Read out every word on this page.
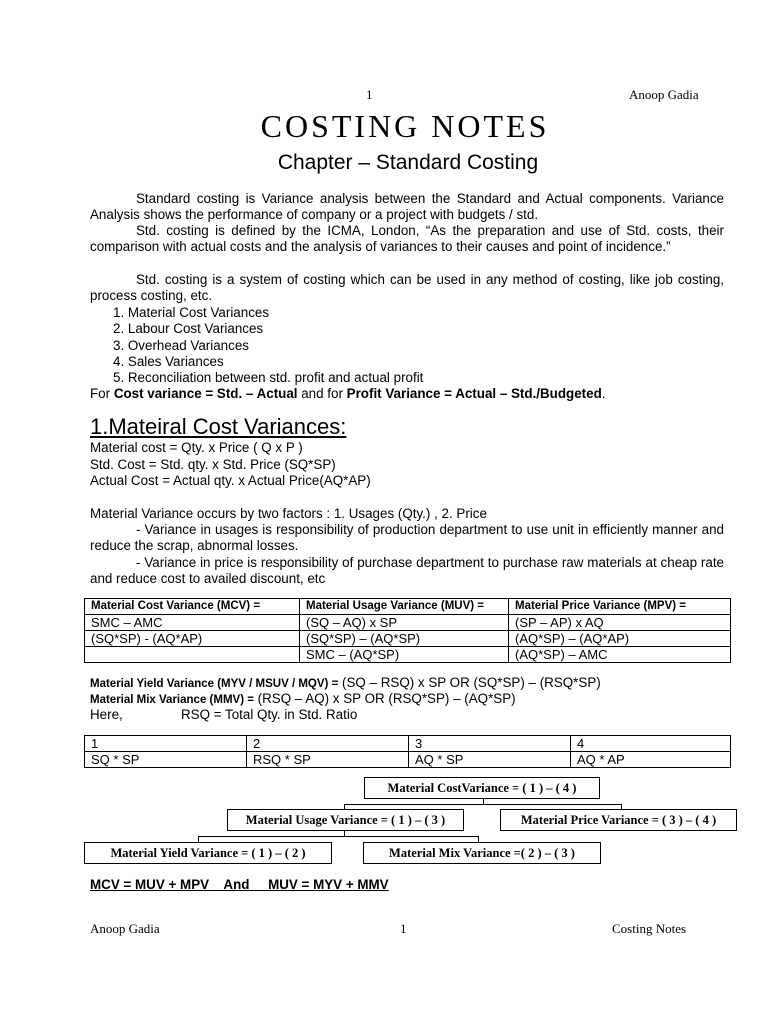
1	Anoop Gadia
COSTING NOTES
Chapter – Standard Costing
Standard costing is Variance analysis between the Standard and Actual components. Variance Analysis shows the performance of company or a project with budgets / std.
Std. costing is defined by the ICMA, London, “As the preparation and use of Std. costs, their comparison with actual costs and the analysis of variances to their causes and point of incidence.”
Std. costing is a system of costing which can be used in any method of costing, like job costing, process costing, etc.
1. Material Cost Variances
2. Labour Cost Variances
3. Overhead Variances
4. Sales Variances
5. Reconciliation between std. profit and actual profit
For Cost variance = Std. – Actual and for Profit Variance = Actual – Std./Budgeted.
1.Mateiral Cost Variances:
Material cost = Qty. x Price ( Q x P )
Std. Cost = Std. qty. x Std. Price (SQ*SP)
Actual Cost = Actual qty. x Actual Price(AQ*AP)
Material Variance occurs by two factors : 1. Usages (Qty.) , 2. Price
- Variance in usages is responsibility of production department to use unit in efficiently manner and reduce the scrap, abnormal losses.
- Variance in price is responsibility of purchase department to purchase raw materials at cheap rate and reduce cost to availed discount, etc
Material Cost Variance (MCV) =	Material Usage Variance (MUV) =	Material Price Variance (MPV) =
SMC – AMC	(SQ – AQ) x SP	(SP – AP) x AQ
(SQ*SP) - (AQ*AP)	(SQ*SP) – (AQ*SP)	(AQ*SP) – (AQ*AP)
	SMC – (AQ*SP)	(AQ*SP) – AMC
Material Yield Variance (MYV / MSUV / MQV) = (SQ – RSQ) x SP OR (SQ*SP) – (RSQ*SP)
Material Mix Variance (MMV) = (RSQ – AQ) x SP OR (RSQ*SP) – (AQ*SP)
Here,	RSQ = Total Qty. in Std. Ratio
1	2	3	4
SQ * SP	RSQ * SP	AQ * SP	AQ * AP
Material CostVariance = ( 1 ) – ( 4 )
Material Usage Variance = ( 1 ) – ( 3 )	Material Price Variance = ( 3 ) – ( 4 )
Material Yield Variance = ( 1 ) – ( 2 )	Material Mix Variance =( 2 ) – ( 3 )
MCV = MUV + MPV    And     MUV = MYV + MMV
Anoop Gadia	1	Costing Notes
